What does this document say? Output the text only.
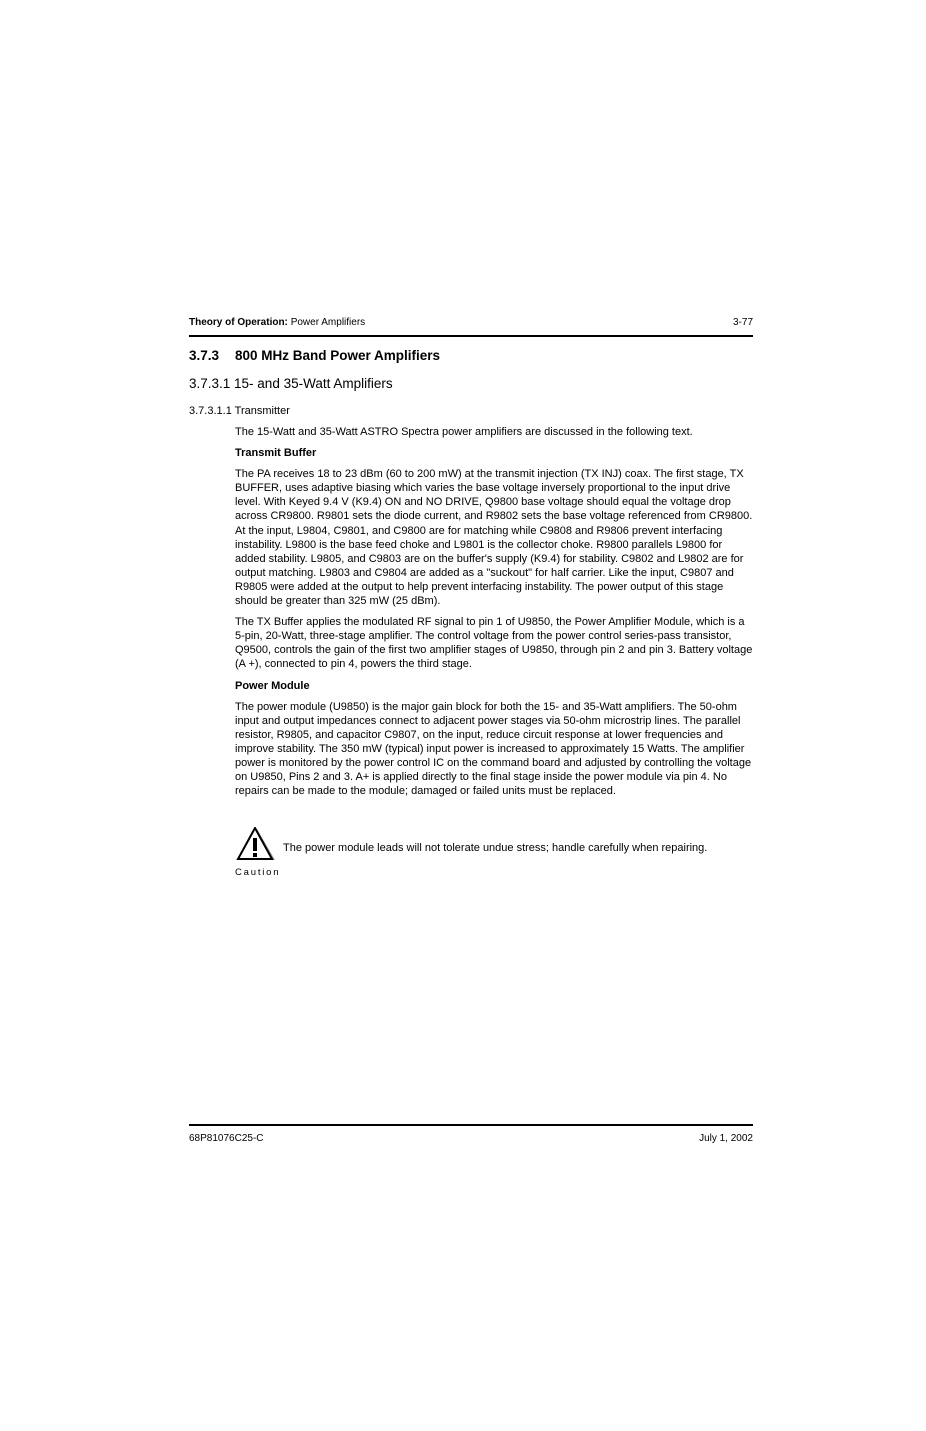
Theory of Operation: Power Amplifiers	3-77
3.7.3 800 MHz Band Power Amplifiers
3.7.3.1 15- and 35-Watt Amplifiers
3.7.3.1.1 Transmitter

The 15-Watt and 35-Watt ASTRO Spectra power amplifiers are discussed in the following text.

Transmit Buffer

The PA receives 18 to 23 dBm (60 to 200 mW) at the transmit injection (TX INJ) coax. The first stage, TX BUFFER, uses adaptive biasing which varies the base voltage inversely proportional to the input drive level. With Keyed 9.4 V (K9.4) ON and NO DRIVE, Q9800 base voltage should equal the voltage drop across CR9800. R9801 sets the diode current, and R9802 sets the base voltage referenced from CR9800. At the input, L9804, C9801, and C9800 are for matching while C9808 and R9806 prevent interfacing instability. L9800 is the base feed choke and L9801 is the collector choke. R9800 parallels L9800 for added stability. L9805, and C9803 are on the buffer's supply (K9.4) for stability. C9802 and L9802 are for output matching. L9803 and C9804 are added as a "suckout" for half carrier. Like the input, C9807 and R9805 were added at the output to help prevent interfacing instability. The power output of this stage should be greater than 325 mW (25 dBm).

The TX Buffer applies the modulated RF signal to pin 1 of U9850, the Power Amplifier Module, which is a 5-pin, 20-Watt, three-stage amplifier. The control voltage from the power control series-pass transistor, Q9500, controls the gain of the first two amplifier stages of U9850, through pin 2 and pin 3. Battery voltage (A +), connected to pin 4, powers the third stage.

Power Module

The power module (U9850) is the major gain block for both the 15- and 35-Watt amplifiers. The 50-ohm input and output impedances connect to adjacent power stages via 50-ohm microstrip lines. The parallel resistor, R9805, and capacitor C9807, on the input, reduce circuit response at lower frequencies and improve stability. The 350 mW (typical) input power is increased to approximately 15 Watts. The amplifier power is monitored by the power control IC on the command board and adjusted by controlling the voltage on U9850, Pins 2 and 3. A+ is applied directly to the final stage inside the power module via pin 4. No repairs can be made to the module; damaged or failed units must be replaced.

Caution
The power module leads will not tolerate undue stress; handle carefully when repairing.
68P81076C25-C	July 1, 2002
